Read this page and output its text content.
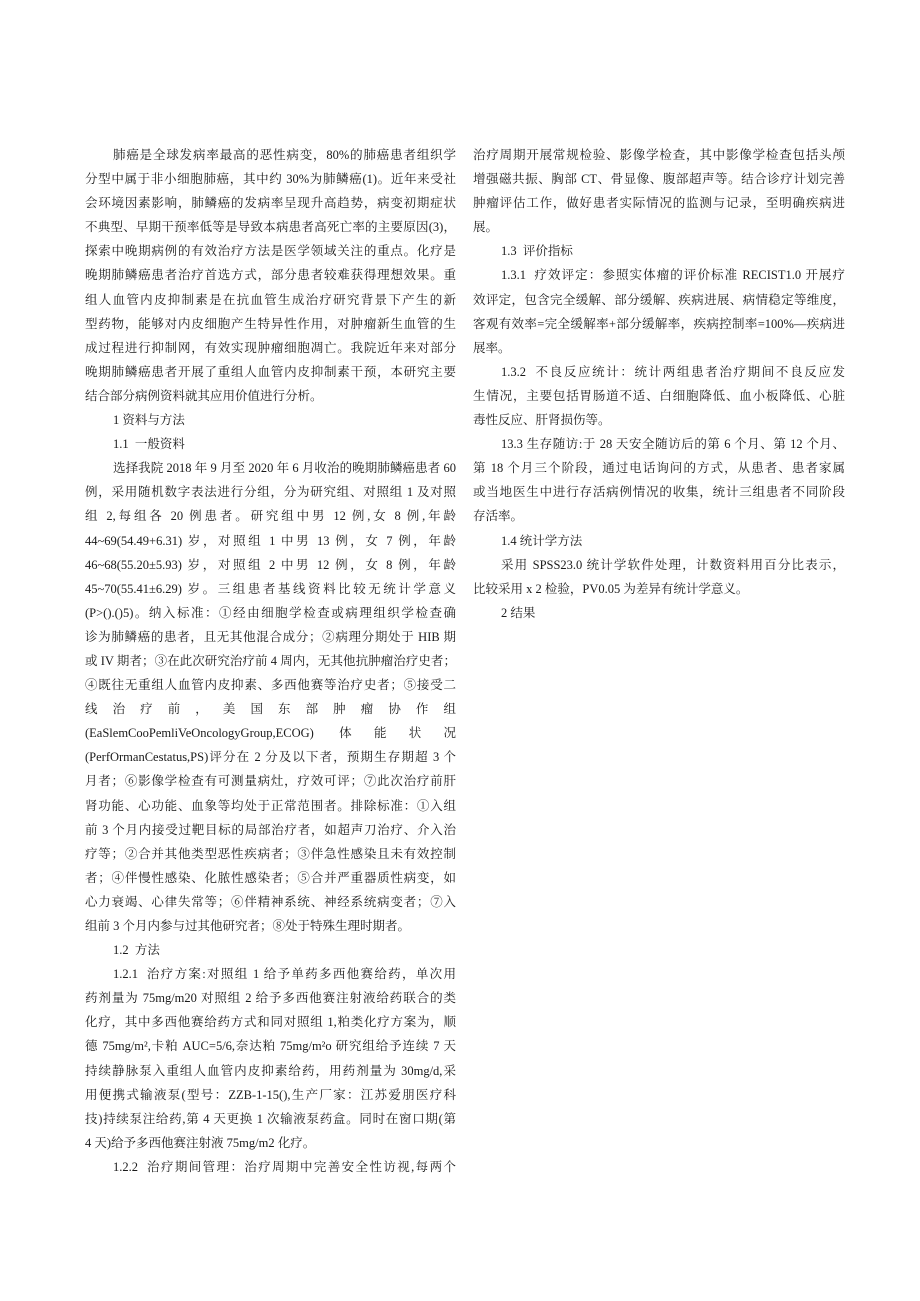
肺癌是全球发病率最高的恶性病变，80%的肺癌患者组织学
分型中属于非小细胞肺癌，其中约 30%为肺鳞癌(1)。近年来受社
会环境因素影响，肺鳞癌的发病率呈现升高趋势，病变初期症状
不典型、早期干预率低等是导致本病患者高死亡率的主要原因(3)，
探索中晚期病例的有效治疗方法是医学领域关注的重点。化疗是
晚期肺鳞癌患者治疗首选方式，部分患者较难获得理想效果。重
组人血管内皮抑制素是在抗血管生成治疗研究背景下产生的新
型药物，能够对内皮细胞产生特异性作用，对肿瘤新生血管的生
成过程进行抑制网，有效实现肿瘤细胞凋亡。我院近年来对部分
晚期肺鳞癌患者开展了重组人血管内皮抑制素干预，本研究主要
结合部分病例资料就其应用价值进行分析。
1 资料与方法
1.1  一般资料
选择我院 2018 年 9 月至 2020 年 6 月收治的晚期肺鳞癌患者 60
例，采用随机数字表法进行分组，分为研究组、对照组 1 及对照
组 2,每组各 20 例患者。研究组中男 12 例,女 8 例,年龄
44~69(54.49+6.31) 岁，对照组 1 中男 13 例，女 7 例，年龄
46~68(55.20±5.93) 岁，对照组 2 中男 12 例，女 8 例，年龄
45~70(55.41±6.29) 岁。三组患者基线资料比较无统计学意义
(P>().()5)。纳入标准：①经由细胞学检查或病理组织学检查确
诊为肺鳞癌的患者，且无其他混合成分；②病理分期处于 HIB 期
或 IV 期者；③在此次研究治疗前 4 周内，无其他抗肿瘤治疗史者；
④既往无重组人血管内皮抑素、多西他赛等治疗史者；⑤接受二
线治疗前，美国东部肿瘤协作组
(EaSlemCooPemliVeOncologyGroup,ECOG) 体能状况
(PerfOrmanCestatus,PS)评分在 2 分及以下者，预期生存期超 3 个
月者；⑥影像学检查有可测量病灶，疗效可评；⑦此次治疗前肝
肾功能、心功能、血象等均处于正常范围者。排除标准：①入组
前 3 个月内接受过靶目标的局部治疗者，如超声刀治疗、介入治
疗等；②合并其他类型恶性疾病者；③伴急性感染且未有效控制
者；④伴慢性感染、化脓性感染者；⑤合并严重器质性病变，如
心力衰竭、心律失常等；⑥伴精神系统、神经系统病变者；⑦入
组前 3 个月内参与过其他研究者；⑧处于特殊生理时期者。
1.2  方法
1.2.1  治疗方案:对照组 1 给予单药多西他赛给药，单次用
药剂量为 75mg/m20 对照组 2 给予多西他赛注射液给药联合的类
化疗，其中多西他赛给药方式和同对照组 1,粕类化疗方案为，顺
德 75mg/m²,卡粕 AUC=5/6,奈达粕 75mg/m²o 研究组给予连续 7 天
持续静脉泵入重组人血管内皮抑素给药，用药剂量为 30mg/d,采
用便携式输液泵(型号：ZZB-1-15(),生产厂家：江苏爱朋医疗科
技)持续泵注给药,第 4 天更换 1 次输液泵药盒。同时在窗口期(第
4 天)给予多西他赛注射液 75mg/m2 化疗。
1.2.2  治疗期间管理：治疗周期中完善安全性访视,每两个
治疗周期开展常规检验、影像学检查，其中影像学检查包括头颅
增强磁共振、胸部 CT、骨显像、腹部超声等。结合诊疗计划完善
肿瘤评估工作，做好患者实际情况的监测与记录，至明确疾病进
展。
1.3  评价指标
1.3.1  疗效评定：参照实体瘤的评价标准 RECIST1.0 开展疗
效评定，包含完全缓解、部分缓解、疾病进展、病情稳定等维度，
客观有效率=完全缓解率+部分缓解率，疾病控制率=100%—疾病进
展率。
1.3.2  不良反应统计：统计两组患者治疗期间不良反应发
生情况，主要包括胃肠道不适、白细胞降低、血小板降低、心脏
毒性反应、肝肾损伤等。
13.3 生存随访:于 28 天安全随访后的第 6 个月、第 12 个月、
第 18 个月三个阶段，通过电话询问的方式，从患者、患者家属
或当地医生中进行存活病例情况的收集，统计三组患者不同阶段
存活率。
1.4 统计学方法
采用 SPSS23.0 统计学软件处理，计数资料用百分比表示，
比较采用 x 2 检验，PV0.05 为差异有统计学意义。
2 结果
